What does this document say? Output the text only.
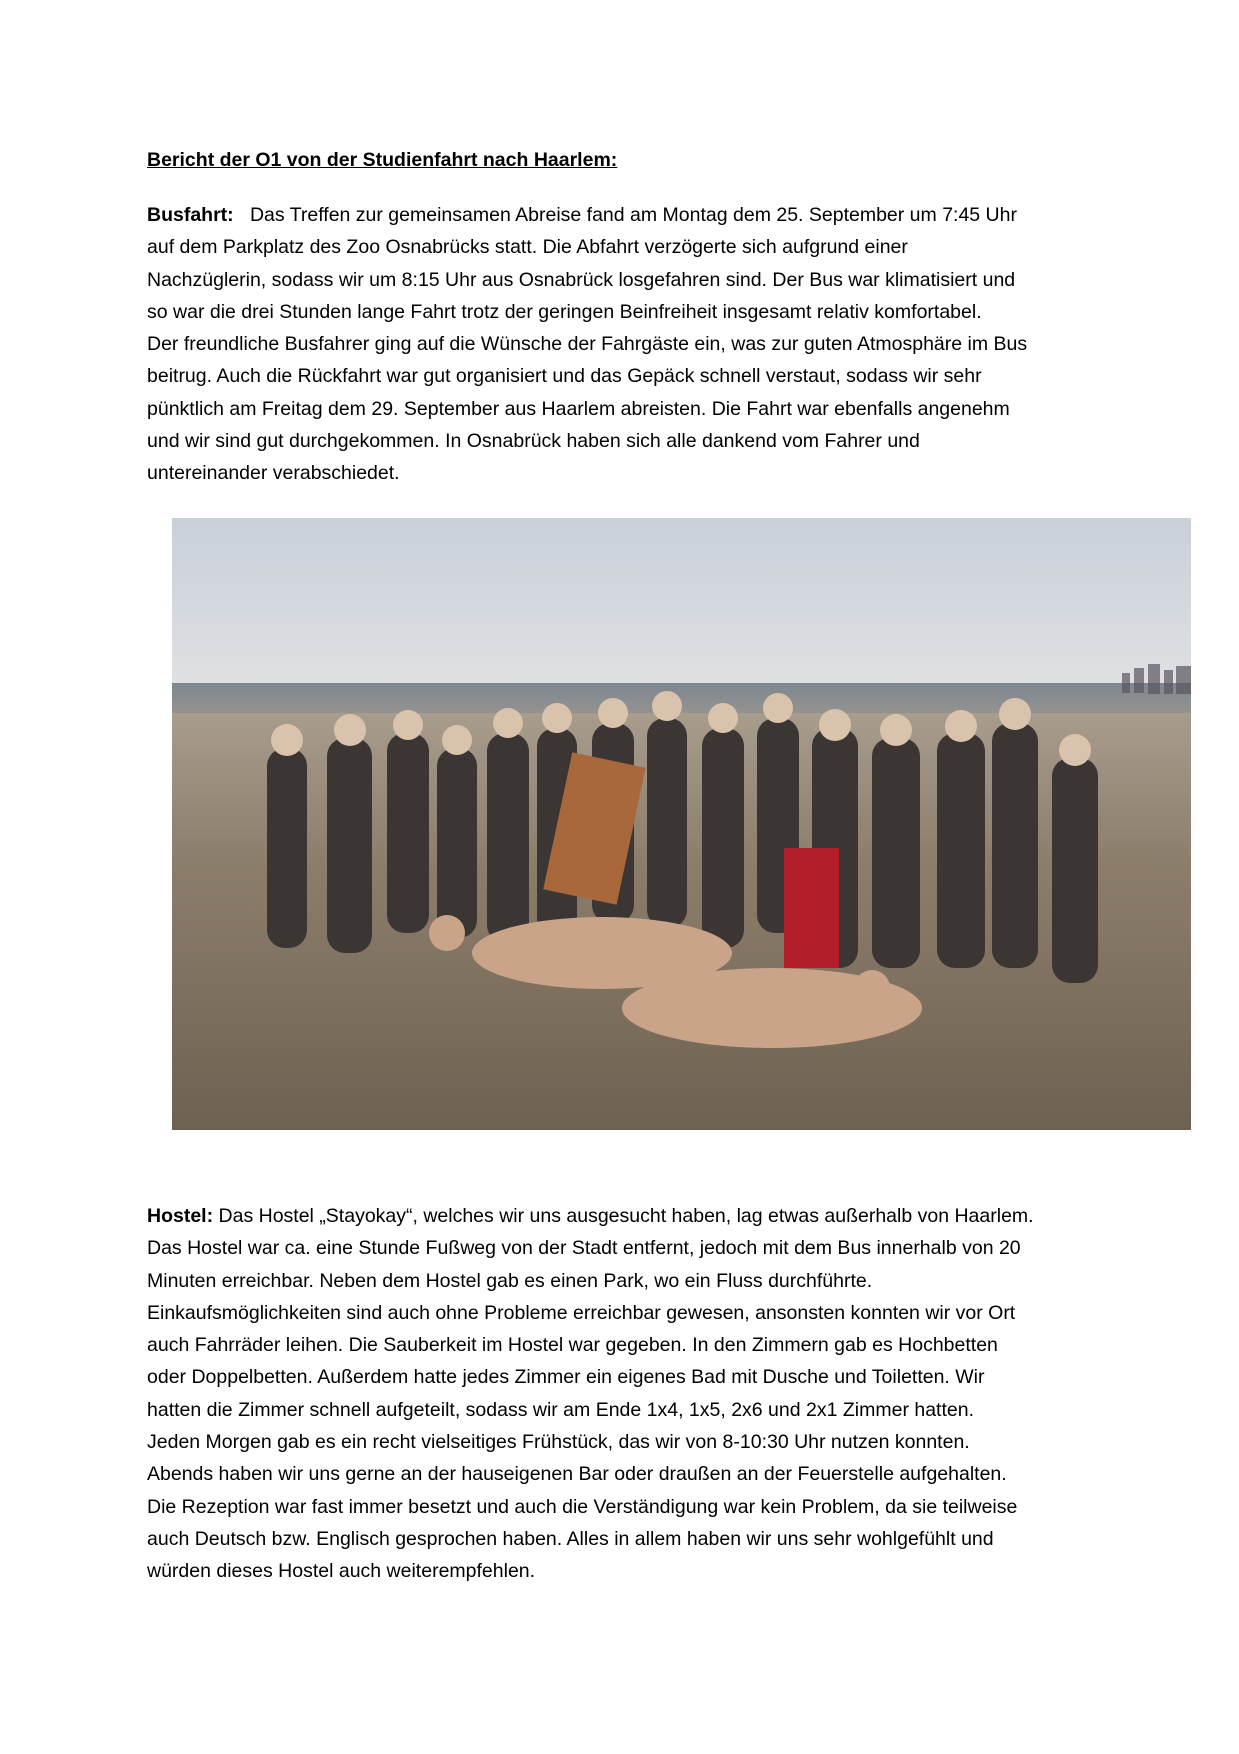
Bericht der O1 von der Studienfahrt nach Haarlem:
Busfahrt: Das Treffen zur gemeinsamen Abreise fand am Montag dem 25. September um 7:45 Uhr
auf dem Parkplatz des Zoo Osnabrücks statt. Die Abfahrt verzögerte sich aufgrund einer
Nachzüglerin, sodass wir um 8:15 Uhr aus Osnabrück losgefahren sind. Der Bus war klimatisiert und
so war die drei Stunden lange Fahrt trotz der geringen Beinfreiheit insgesamt relativ komfortabel.
Der freundliche Busfahrer ging auf die Wünsche der Fahrgäste ein, was zur guten Atmosphäre im Bus
beitrug. Auch die Rückfahrt war gut organisiert und das Gepäck schnell verstaut, sodass wir sehr
pünktlich am Freitag dem 29. September aus Haarlem abreisten. Die Fahrt war ebenfalls angenehm
und wir sind gut durchgekommen. In Osnabrück haben sich alle dankend vom Fahrer und
untereinander verabschiedet.
Hostel: Das Hostel „Stayokay“, welches wir uns ausgesucht haben, lag etwas außerhalb von Haarlem.
Das Hostel war ca. eine Stunde Fußweg von der Stadt entfernt, jedoch mit dem Bus innerhalb von 20
Minuten erreichbar. Neben dem Hostel gab es einen Park, wo ein Fluss durchführte.
Einkaufsmöglichkeiten sind auch ohne Probleme erreichbar gewesen, ansonsten konnten wir vor Ort
auch Fahrräder leihen. Die Sauberkeit im Hostel war gegeben. In den Zimmern gab es Hochbetten
oder Doppelbetten. Außerdem hatte jedes Zimmer ein eigenes Bad mit Dusche und Toiletten. Wir
hatten die Zimmer schnell aufgeteilt, sodass wir am Ende 1x4, 1x5, 2x6 und 2x1 Zimmer hatten.
Jeden Morgen gab es ein recht vielseitiges Frühstück, das wir von 8-10:30 Uhr nutzen konnten.
Abends haben wir uns gerne an der hauseigenen Bar oder draußen an der Feuerstelle aufgehalten.
Die Rezeption war fast immer besetzt und auch die Verständigung war kein Problem, da sie teilweise
auch Deutsch bzw. Englisch gesprochen haben. Alles in allem haben wir uns sehr wohlgefühlt und
würden dieses Hostel auch weiterempfehlen.
